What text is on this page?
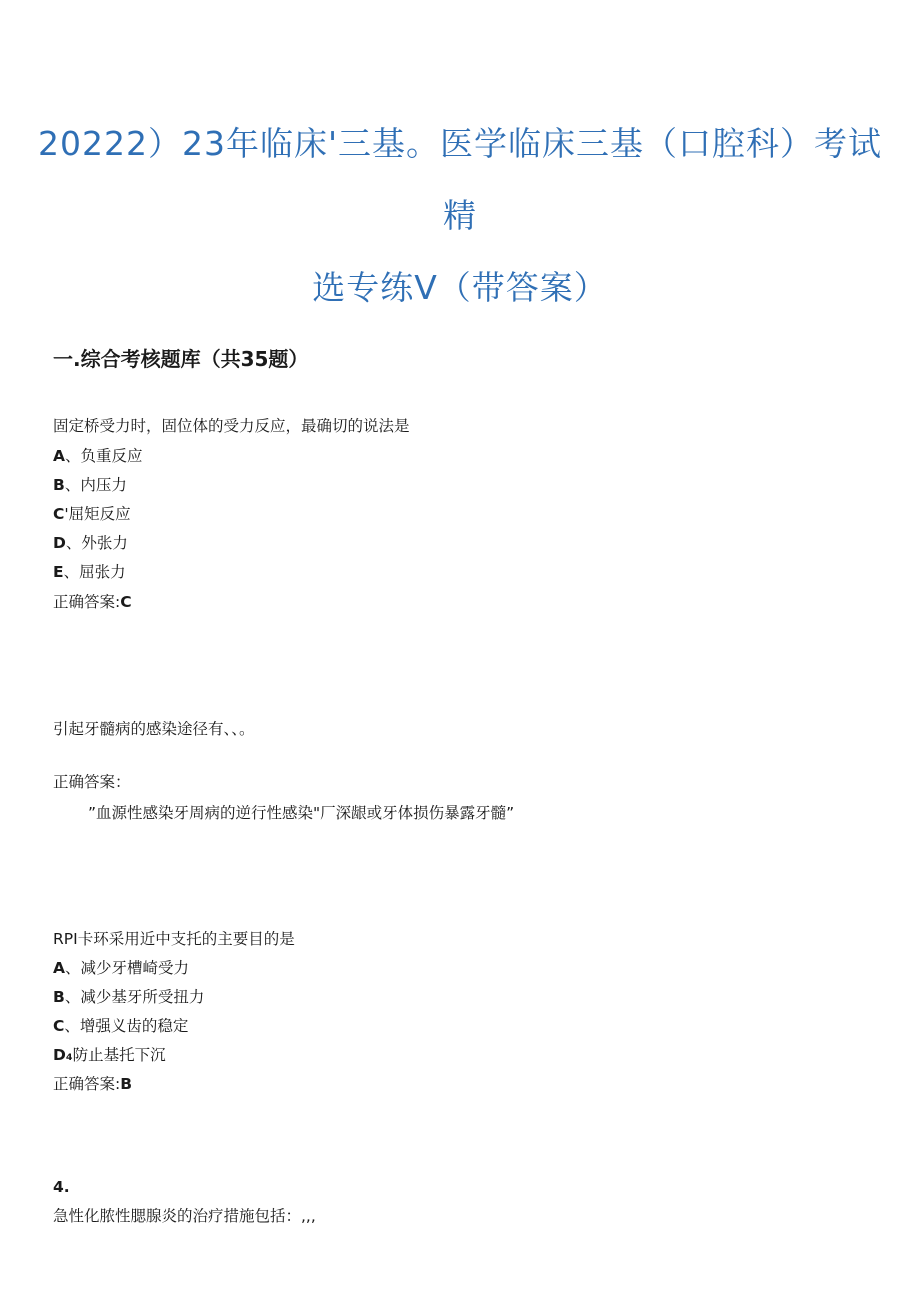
20222）23年临床'三基。医学临床三基（口腔科）考试
精
选专练V（带答案）
一.综合考核题库（共35题）
固定桥受力时，固位体的受力反应，最确切的说法是
A、负重反应
B、内压力
C'屈矩反应
D、外张力
E、屈张力
正确答案:C
引起牙髓病的感染途径有、、。
正确答案：
”血源性感染牙周病的逆行性感染"厂深龈或牙体损伤暴露牙髓”
RPI卡环采用近中支托的主要目的是
A、减少牙槽崎受力
B、减少基牙所受扭力
C、增强义齿的稳定
D₄防止基托下沉
正确答案:B
4.
急性化脓性腮腺炎的治疗措施包括：,,,
